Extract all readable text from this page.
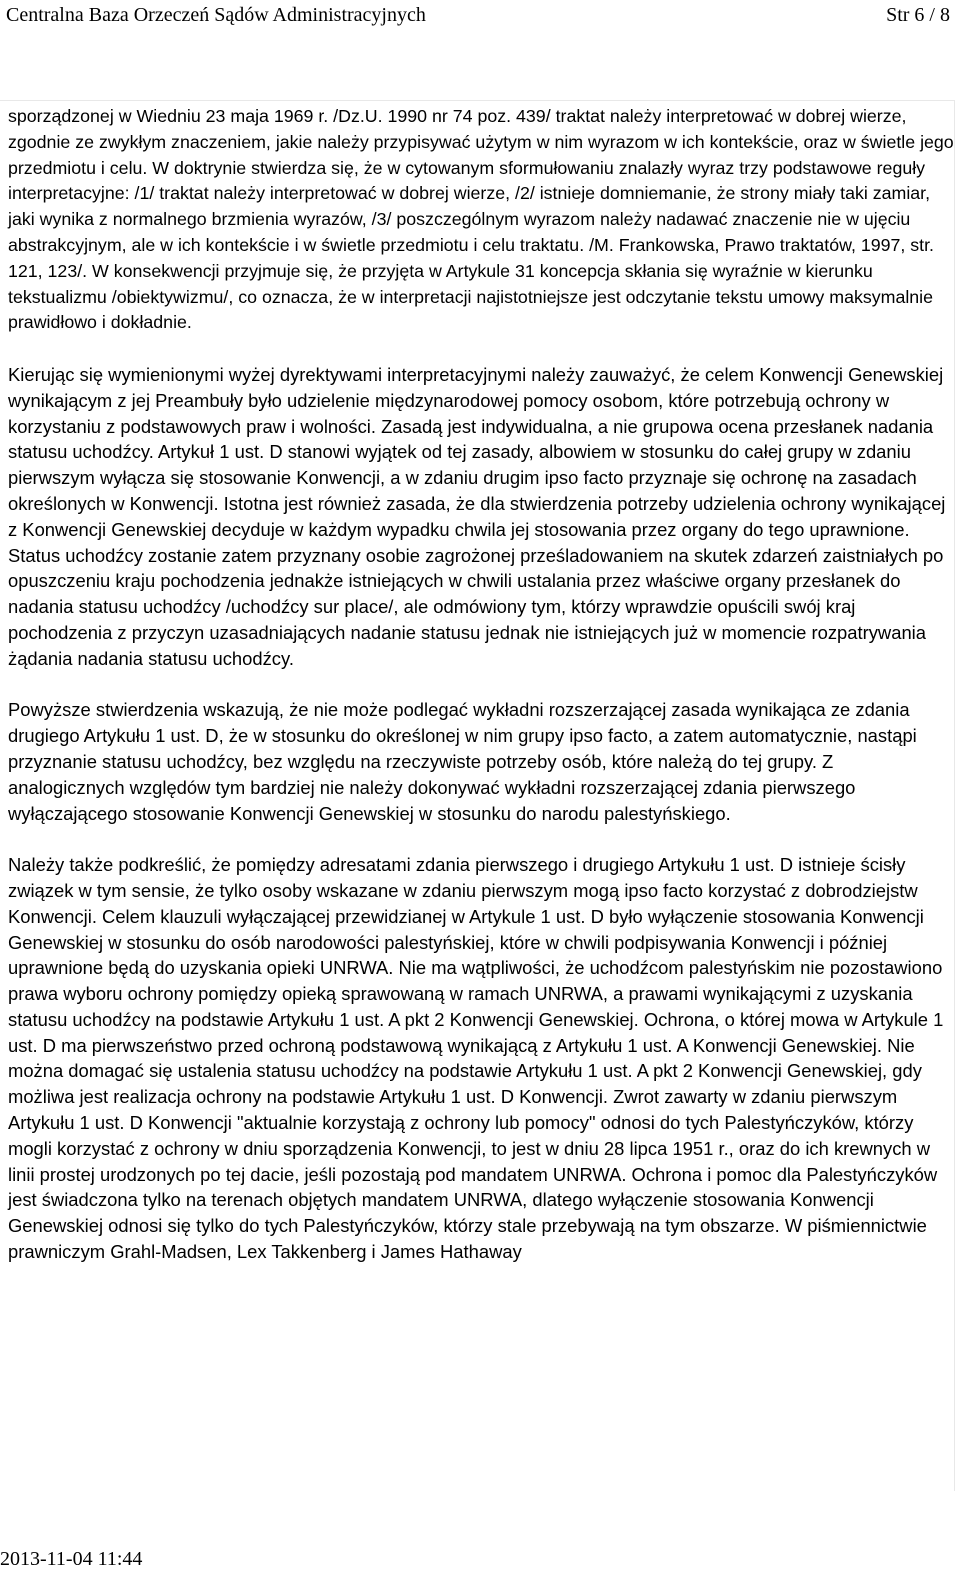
Centralna Baza Orzeczeń Sądów Administracyjnych	Str 6 / 8

sporządzonej w Wiedniu 23 maja 1969 r. /Dz.U. 1990 nr 74 poz. 439/ traktat należy interpretować w dobrej wierze, zgodnie ze zwykłym znaczeniem, jakie należy przypisywać użytym w nim wyrazom w ich kontekście, oraz w świetle jego przedmiotu i celu. W doktrynie stwierdza się, że w cytowanym sformułowaniu znalazły wyraz trzy podstawowe reguły interpretacyjne: /1/ traktat należy interpretować w dobrej wierze, /2/ istnieje domniemanie, że strony miały taki zamiar, jaki wynika z normalnego brzmienia wyrazów, /3/ poszczególnym wyrazom należy nadawać znaczenie nie w ujęciu abstrakcyjnym, ale w ich kontekście i w świetle przedmiotu i celu traktatu. /M. Frankowska, Prawo traktatów, 1997, str. 121, 123/. W konsekwencji przyjmuje się, że przyjęta w Artykule 31 koncepcja skłania się wyraźnie w kierunku tekstualizmu /obiektywizmu/, co oznacza, że w interpretacji najistotniejsze jest odczytanie tekstu umowy maksymalnie prawidłowo i dokładnie.

Kierując się wymienionymi wyżej dyrektywami interpretacyjnymi należy zauważyć, że celem Konwencji Genewskiej wynikającym z jej Preambuły było udzielenie międzynarodowej pomocy osobom, które potrzebują ochrony w korzystaniu z podstawowych praw i wolności. Zasadą jest indywidualna, a nie grupowa ocena przesłanek nadania statusu uchodźcy. Artykuł 1 ust. D stanowi wyjątek od tej zasady, albowiem w stosunku do całej grupy w zdaniu pierwszym wyłącza się stosowanie Konwencji, a w zdaniu drugim ipso facto przyznaje się ochronę na zasadach określonych w Konwencji. Istotna jest również zasada, że dla stwierdzenia potrzeby udzielenia ochrony wynikającej z Konwencji Genewskiej decyduje w każdym wypadku chwila jej stosowania przez organy do tego uprawnione. Status uchodźcy zostanie zatem przyznany osobie zagrożonej prześladowaniem na skutek zdarzeń zaistniałych po opuszczeniu kraju pochodzenia jednakże istniejących w chwili ustalania przez właściwe organy przesłanek do nadania statusu uchodźcy /uchodźcy sur place/, ale odmówiony tym, którzy wprawdzie opuścili swój kraj pochodzenia z przyczyn uzasadniających nadanie statusu jednak nie istniejących już w momencie rozpatrywania żądania nadania statusu uchodźcy.

Powyższe stwierdzenia wskazują, że nie może podlegać wykładni rozszerzającej zasada wynikająca ze zdania drugiego Artykułu 1 ust. D, że w stosunku do określonej w nim grupy ipso facto, a zatem automatycznie, nastąpi przyznanie statusu uchodźcy, bez względu na rzeczywiste potrzeby osób, które należą do tej grupy. Z analogicznych względów tym bardziej nie należy dokonywać wykładni rozszerzającej zdania pierwszego wyłączającego stosowanie Konwencji Genewskiej w stosunku do narodu palestyńskiego.

Należy także podkreślić, że pomiędzy adresatami zdania pierwszego i drugiego Artykułu 1 ust. D istnieje ścisły związek w tym sensie, że tylko osoby wskazane w zdaniu pierwszym mogą ipso facto korzystać z dobrodziejstw Konwencji. Celem klauzuli wyłączającej przewidzianej w Artykule 1 ust. D było wyłączenie stosowania Konwencji Genewskiej w stosunku do osób narodowości palestyńskiej, które w chwili podpisywania Konwencji i później uprawnione będą do uzyskania opieki UNRWA. Nie ma wątpliwości, że uchodźcom palestyńskim nie pozostawiono prawa wyboru ochrony pomiędzy opieką sprawowaną w ramach UNRWA, a prawami wynikającymi z uzyskania statusu uchodźcy na podstawie Artykułu 1 ust. A pkt 2 Konwencji Genewskiej. Ochrona, o której mowa w Artykule 1 ust. D ma pierwszeństwo przed ochroną podstawową wynikającą z Artykułu 1 ust. A Konwencji Genewskiej. Nie można domagać się ustalenia statusu uchodźcy na podstawie Artykułu 1 ust. A pkt 2 Konwencji Genewskiej, gdy możliwa jest realizacja ochrony na podstawie Artykułu 1 ust. D Konwencji. Zwrot zawarty w zdaniu pierwszym Artykułu 1 ust. D Konwencji "aktualnie korzystają z ochrony lub pomocy" odnosi do tych Palestyńczyków, którzy mogli korzystać z ochrony w dniu sporządzenia Konwencji, to jest w dniu 28 lipca 1951 r., oraz do ich krewnych w linii prostej urodzonych po tej dacie, jeśli pozostają pod mandatem UNRWA. Ochrona i pomoc dla Palestyńczyków jest świadczona tylko na terenach objętych mandatem UNRWA, dlatego wyłączenie stosowania Konwencji Genewskiej odnosi się tylko do tych Palestyńczyków, którzy stale przebywają na tym obszarze. W piśmiennictwie prawniczym Grahl-Madsen, Lex Takkenberg i James Hathaway

2013-11-04 11:44
